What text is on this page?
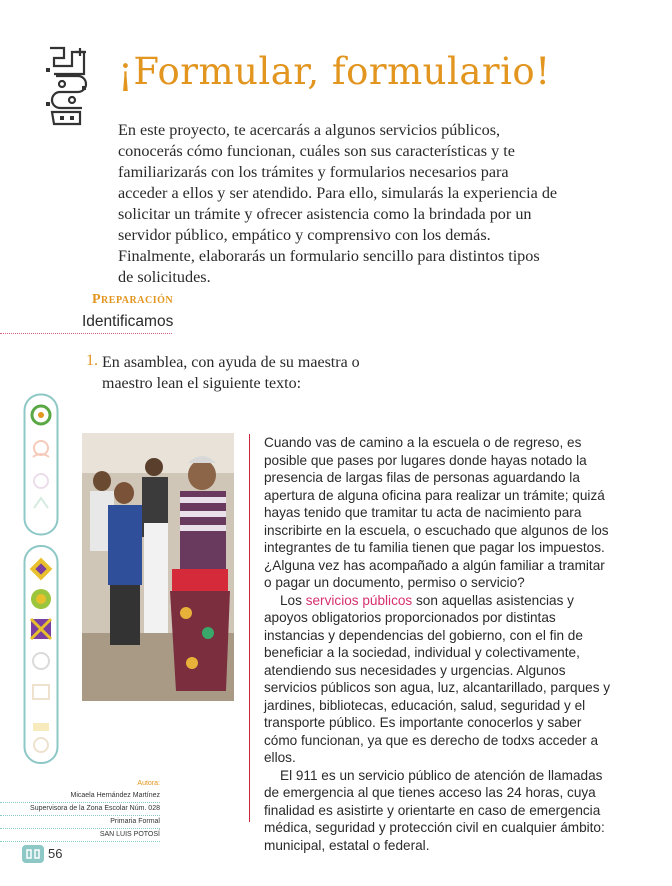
¡Formular, formulario!
En este proyecto, te acercarás a algunos servicios públicos, conocerás cómo funcionan, cuáles son sus características y te familiarizarás con los trámites y formularios necesarios para acceder a ellos y ser atendido. Para ello, simularás la experiencia de solicitar un trámite y ofrecer asistencia como la brindada por un servidor público, empático y comprensivo con los demás. Finalmente, elaborarás un formulario sencillo para distintos tipos de solicitudes.
Preparación
Identificamos
1. En asamblea, con ayuda de su maestra o maestro lean el siguiente texto:

Cuando vas de camino a la escuela o de regreso, es posible que pases por lugares donde hayas notado la presencia de largas filas de personas aguardando la apertura de alguna oficina para realizar un trámite; quizá hayas tenido que tramitar tu acta de nacimiento para inscribirte en la escuela, o escuchado que algunos de los integrantes de tu familia tienen que pagar los impuestos. ¿Alguna vez has acompañado a algún familiar a tramitar o pagar un documento, permiso o servicio?

Los servicios públicos son aquellas asistencias y apoyos obligatorios proporcionados por distintas instancias y dependencias del gobierno, con el fin de beneficiar a la sociedad, individual y colectivamente, atendiendo sus necesidades y urgencias. Algunos servicios públicos son agua, luz, alcantarillado, parques y jardines, bibliotecas, educación, salud, seguridad y el transporte público. Es importante conocerlos y saber cómo funcionan, ya que es derecho de todxs acceder a ellos.

El 911 es un servicio público de atención de llamadas de emergencia al que tienes acceso las 24 horas, cuya finalidad es asistirte y orientarte en caso de emergencia médica, seguridad y protección civil en cualquier ámbito: municipal, estatal o federal.

Autora:
Micaela Hernández Martínez
Supervisora de la Zona Escolar Núm. 028
Primaria Formal
SAN LUIS POTOSÍ
56
